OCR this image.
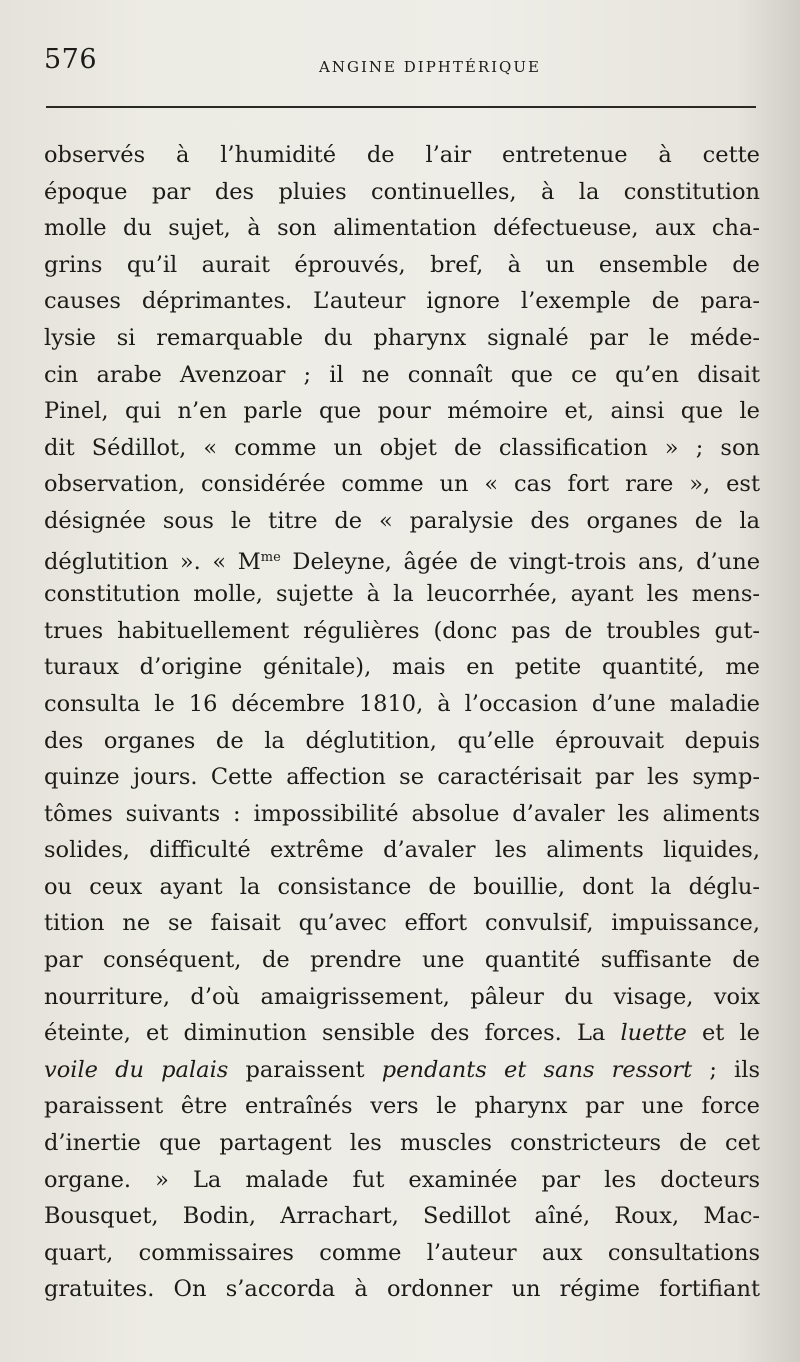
576	ANGINE DIPHTÉRIQUE
observés à l’humidité de l’air entretenue à cette
époque par des pluies continuelles, à la constitution
molle du sujet, à son alimentation défectueuse, aux cha-
grins qu’il aurait éprouvés, bref, à un ensemble de
causes déprimantes. L’auteur ignore l’exemple de para-
lysie si remarquable du pharynx signalé par le méde-
cin arabe Avenzoar ; il ne connaît que ce qu’en disait
Pinel, qui n’en parle que pour mémoire et, ainsi que le
dit Sédillot, « comme un objet de classification » ; son
observation, considérée comme un « cas fort rare », est
désignée sous le titre de « paralysie des organes de la
déglutition ». « $M^{me}$ Deleyne, âgée de vingt-trois ans, d’une
constitution molle, sujette à la leucorrhée, ayant les mens-
trues habituellement régulières (donc pas de troubles gut-
turaux d’origine génitale), mais en petite quantité, me
consulta le 16 décembre 1810, à l’occasion d’une maladie
des organes de la déglutition, qu’elle éprouvait depuis
quinze jours. Cette affection se caractérisait par les symp-
tômes suivants : impossibilité absolue d’avaler les aliments
solides, difficulté extrême d’avaler les aliments liquides,
ou ceux ayant la consistance de bouillie, dont la déglu-
tition ne se faisait qu’avec effort convulsif, impuissance,
par conséquent, de prendre une quantité suffisante de
nourriture, d’où amaigrissement, pâleur du visage, voix
éteinte, et diminution sensible des forces. La luette et le
voile du palais paraissent pendants et sans ressort ; ils
paraissent être entraînés vers le pharynx par une force
d’inertie que partagent les muscles constricteurs de cet
organe. » La malade fut examinée par les docteurs
Bousquet, Bodin, Arrachart, Sedillot aîné, Roux, Mac-
quart, commissaires comme l’auteur aux consultations
gratuites. On s’accorda à ordonner un régime fortifiant
